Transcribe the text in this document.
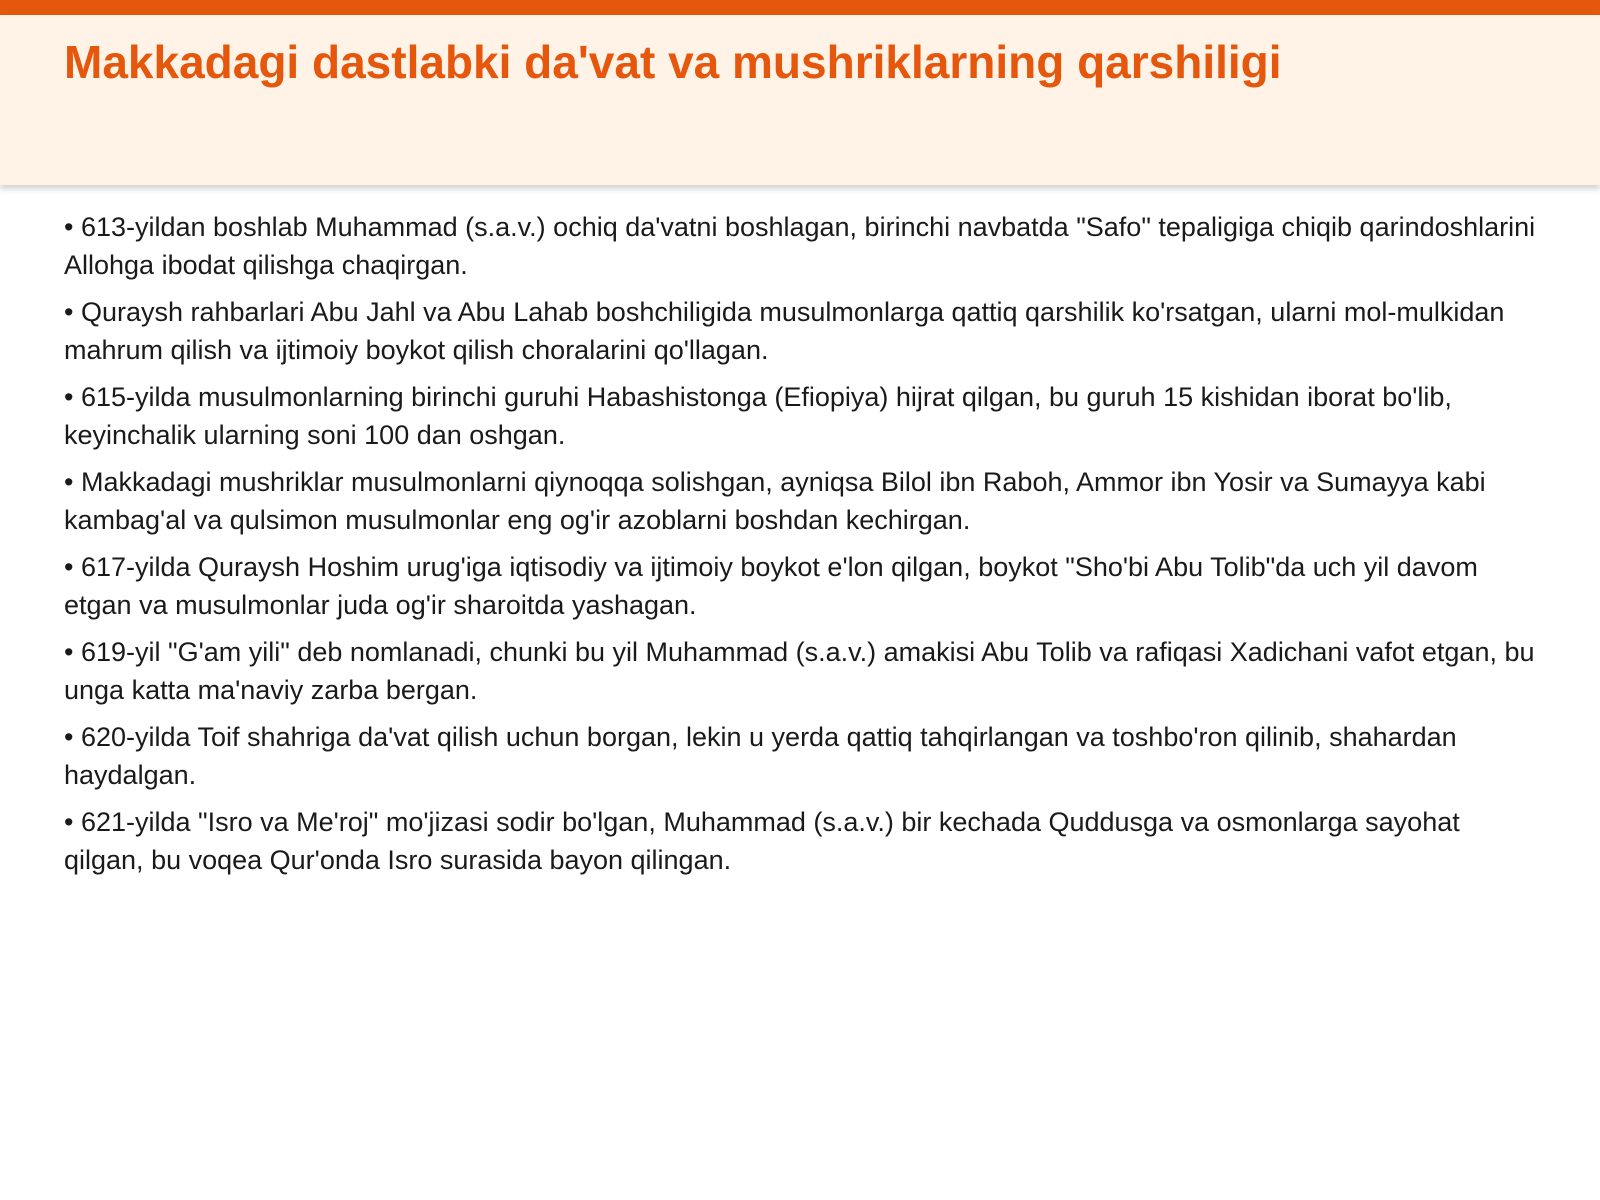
Makkadagi dastlabki da'vat va mushriklarning qarshiligi
• 613-yildan boshlab Muhammad (s.a.v.) ochiq da'vatni boshlagan, birinchi navbatda "Safo" tepaligiga chiqib qarindoshlarini Allohga ibodat qilishga chaqirgan.
• Quraysh rahbarlari Abu Jahl va Abu Lahab boshchiligida musulmonlarga qattiq qarshilik ko'rsatgan, ularni mol-mulkidan mahrum qilish va ijtimoiy boykot qilish choralarini qo'llagan.
• 615-yilda musulmonlarning birinchi guruhi Habashistonga (Efiopiya) hijrat qilgan, bu guruh 15 kishidan iborat bo'lib, keyinchalik ularning soni 100 dan oshgan.
• Makkadagi mushriklar musulmonlarni qiynoqqa solishgan, ayniqsa Bilol ibn Raboh, Ammor ibn Yosir va Sumayya kabi kambag'al va qulsimon musulmonlar eng og'ir azoblarni boshdan kechirgan.
• 617-yilda Quraysh Hoshim urug'iga iqtisodiy va ijtimoiy boykot e'lon qilgan, boykot "Sho'bi Abu Tolib"da uch yil davom etgan va musulmonlar juda og'ir sharoitda yashagan.
• 619-yil "G'am yili" deb nomlanadi, chunki bu yil Muhammad (s.a.v.) amakisi Abu Tolib va rafiqasi Xadichani vafot etgan, bu unga katta ma'naviy zarba bergan.
• 620-yilda Toif shahriga da'vat qilish uchun borgan, lekin u yerda qattiq tahqirlangan va toshbo'ron qilinib, shahardan haydalgan.
• 621-yilda "Isro va Me'roj" mo'jizasi sodir bo'lgan, Muhammad (s.a.v.) bir kechada Quddusga va osmonlarga sayohat qilgan, bu voqea Qur'onda Isro surasida bayon qilingan.
